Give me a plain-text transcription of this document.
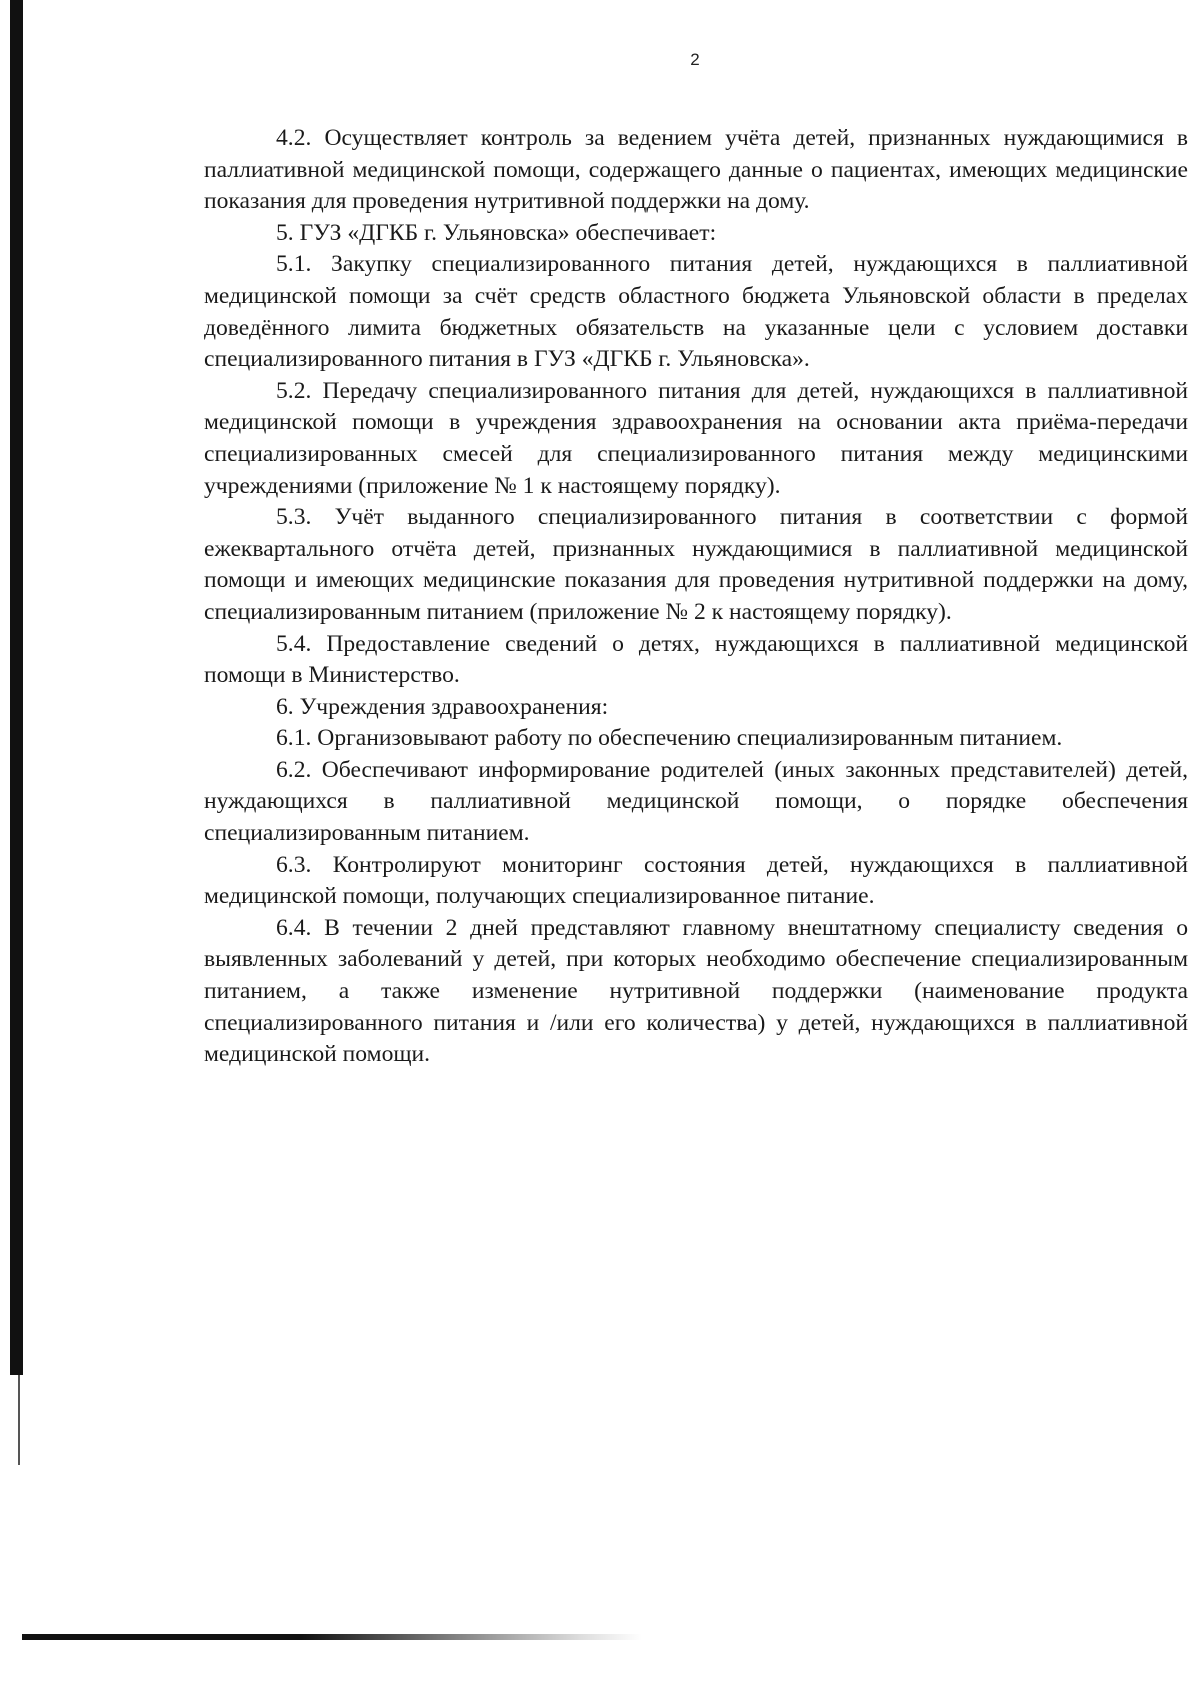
2

4.2. Осуществляет контроль за ведением учёта детей, признанных нуждающимися в паллиативной медицинской помощи, содержащего данные о пациентах, имеющих медицинские показания для проведения нутритивной поддержки на дому.

5. ГУЗ «ДГКБ г. Ульяновска» обеспечивает:

5.1. Закупку специализированного питания детей, нуждающихся в паллиативной медицинской помощи за счёт средств областного бюджета Ульяновской области в пределах доведённого лимита бюджетных обязательств на указанные цели с условием доставки специализированного питания в ГУЗ «ДГКБ г. Ульяновска».

5.2. Передачу специализированного питания для детей, нуждающихся в паллиативной медицинской помощи в учреждения здравоохранения на основании акта приёма-передачи специализированных смесей для специализированного питания между медицинскими учреждениями (приложение № 1 к настоящему порядку).

5.3. Учёт выданного специализированного питания в соответствии с формой ежеквартального отчёта детей, признанных нуждающимися в паллиативной медицинской помощи и имеющих медицинские показания для проведения нутритивной поддержки на дому, специализированным питанием (приложение № 2 к настоящему порядку).

5.4. Предоставление сведений о детях, нуждающихся в паллиативной медицинской помощи в Министерство.

6. Учреждения здравоохранения:

6.1. Организовывают работу по обеспечению специализированным питанием.

6.2. Обеспечивают информирование родителей (иных законных представителей) детей, нуждающихся в паллиативной медицинской помощи, о порядке обеспечения специализированным питанием.

6.3. Контролируют мониторинг состояния детей, нуждающихся в паллиативной медицинской помощи, получающих специализированное питание.

6.4. В течении 2 дней представляют главному внештатному специалисту сведения о выявленных заболеваний у детей, при которых необходимо обеспечение специализированным питанием, а также изменение нутритивной поддержки (наименование продукта специализированного питания и /или его количества) у детей, нуждающихся в паллиативной медицинской помощи.
